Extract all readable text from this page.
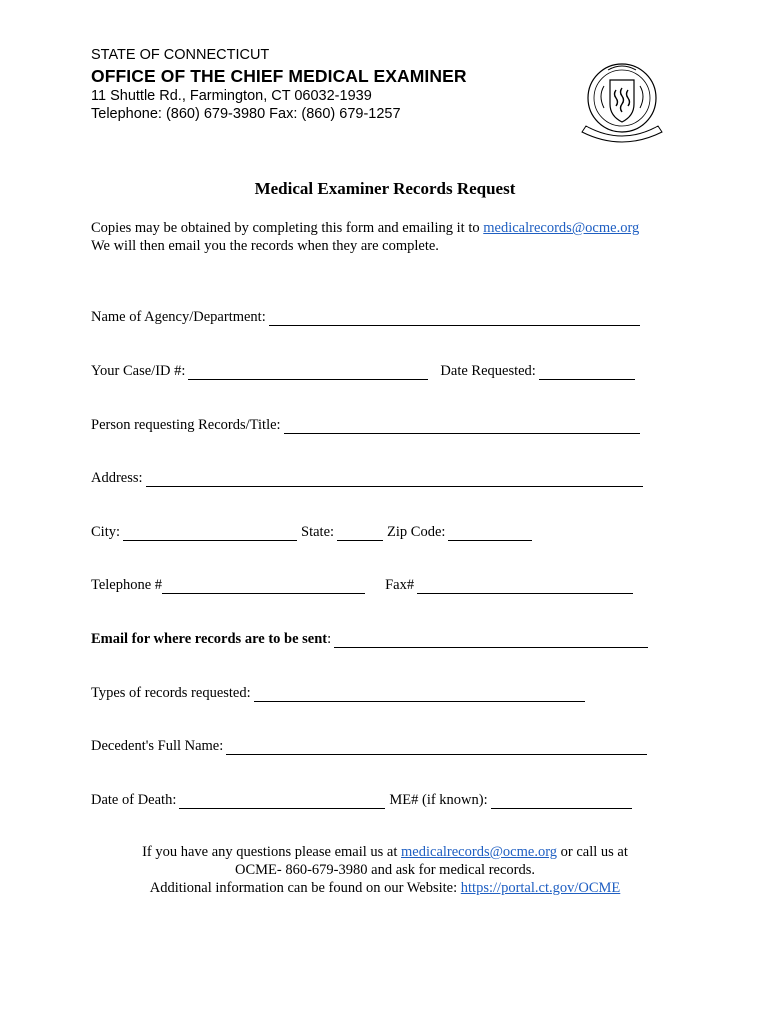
STATE OF CONNECTICUT

OFFICE OF THE CHIEF MEDICAL EXAMINER

11 Shuttle Rd., Farmington, CT 06032-1939

Telephone: (860) 679-3980 Fax: (860) 679-1257

Medical Examiner Records Request

Copies may be obtained by completing this form and emailing it to medicalrecords@ocme.org

We will then email you the records when they are complete.

Name of Agency/Department:
Your Case/ID #:	Date Requested:
Person requesting Records/Title:
Address:
City:	State:	Zip Code:
Telephone #	Fax#
Email for where records are to be sent :
Types of records requested:
Decedent's Full Name:
Date of Death:	ME# (if known):

If you have any questions please email us at medicalrecords@ocme.org or call us at

OCME- 860-679-3980 and ask for medical records.

Additional information can be found on our Website: https://portal.ct.gov/OCME
